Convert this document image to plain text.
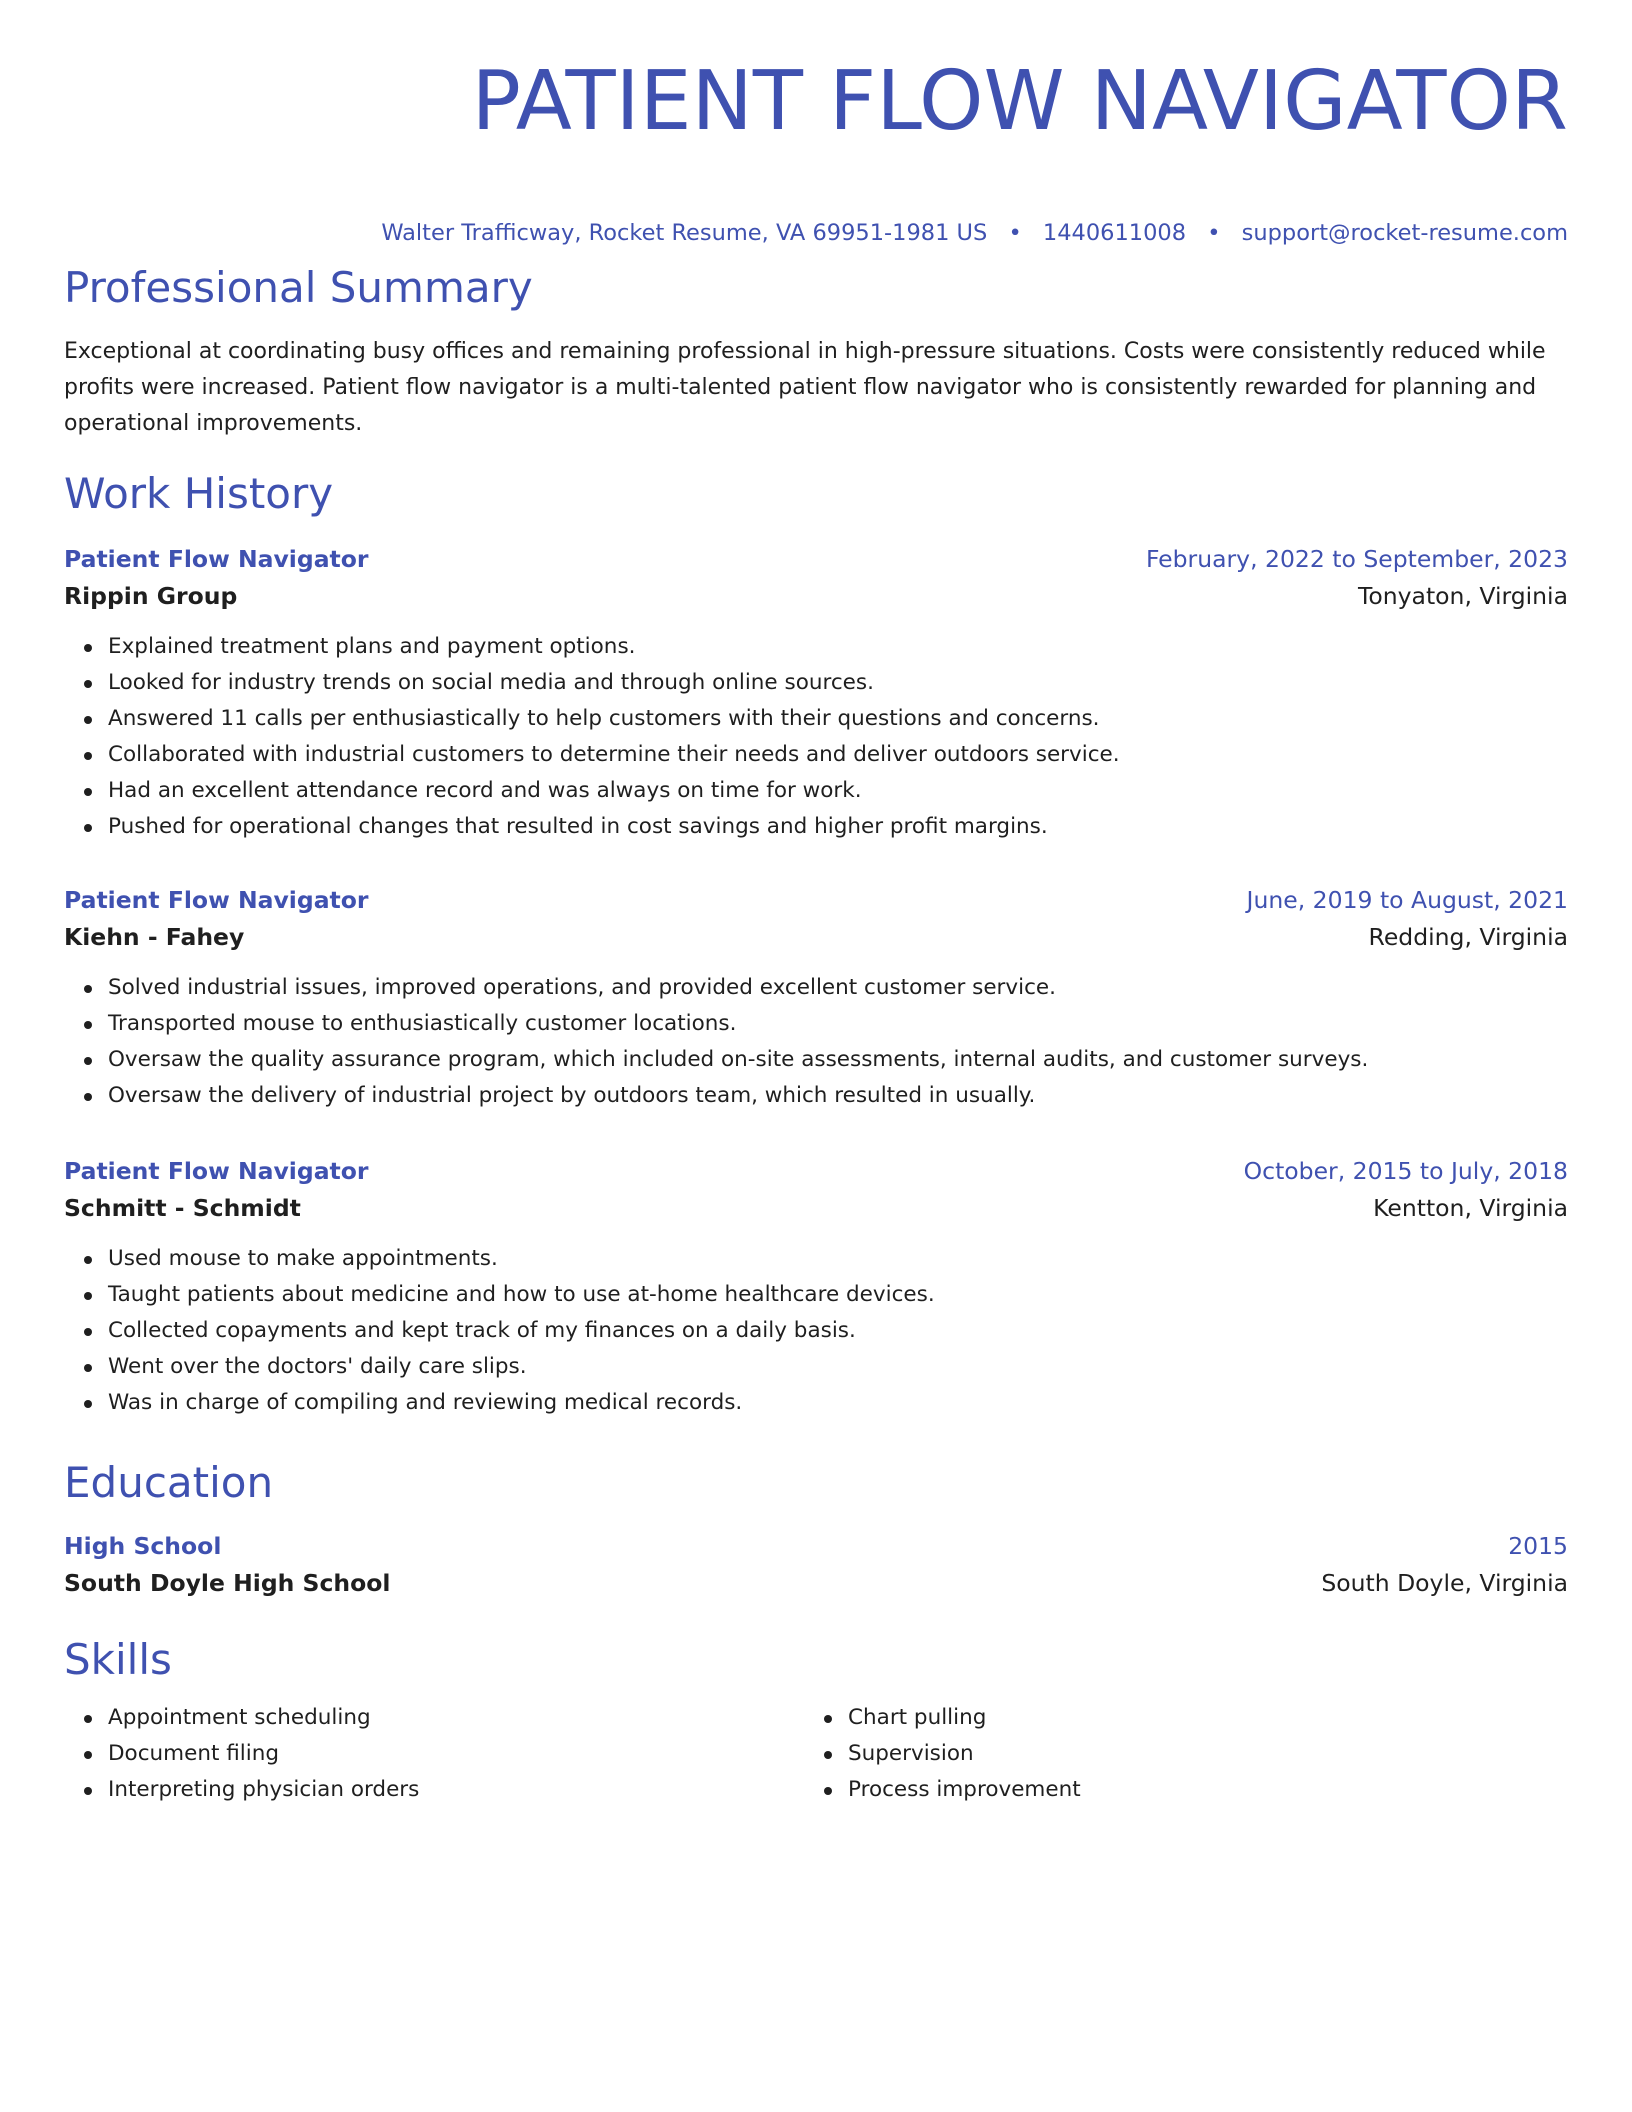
PATIENT FLOW NAVIGATOR
Walter Trafficway, Rocket Resume, VA 69951-1981 US • 1440611008 • support@rocket-resume.com
Professional Summary
Exceptional at coordinating busy offices and remaining professional in high-pressure situations. Costs were consistently reduced while profits were increased. Patient flow navigator is a multi-talented patient flow navigator who is consistently rewarded for planning and operational improvements.
Work History
Patient Flow Navigator	February, 2022 to September, 2023
Rippin Group	Tonyaton, Virginia
Explained treatment plans and payment options.
Looked for industry trends on social media and through online sources.
Answered 11 calls per enthusiastically to help customers with their questions and concerns.
Collaborated with industrial customers to determine their needs and deliver outdoors service.
Had an excellent attendance record and was always on time for work.
Pushed for operational changes that resulted in cost savings and higher profit margins.
Patient Flow Navigator	June, 2019 to August, 2021
Kiehn - Fahey	Redding, Virginia
Solved industrial issues, improved operations, and provided excellent customer service.
Transported mouse to enthusiastically customer locations.
Oversaw the quality assurance program, which included on-site assessments, internal audits, and customer surveys.
Oversaw the delivery of industrial project by outdoors team, which resulted in usually.
Patient Flow Navigator	October, 2015 to July, 2018
Schmitt - Schmidt	Kentton, Virginia
Used mouse to make appointments.
Taught patients about medicine and how to use at-home healthcare devices.
Collected copayments and kept track of my finances on a daily basis.
Went over the doctors' daily care slips.
Was in charge of compiling and reviewing medical records.
Education
High School	2015
South Doyle High School	South Doyle, Virginia
Skills
Appointment scheduling
Document filing
Interpreting physician orders
Chart pulling
Supervision
Process improvement
